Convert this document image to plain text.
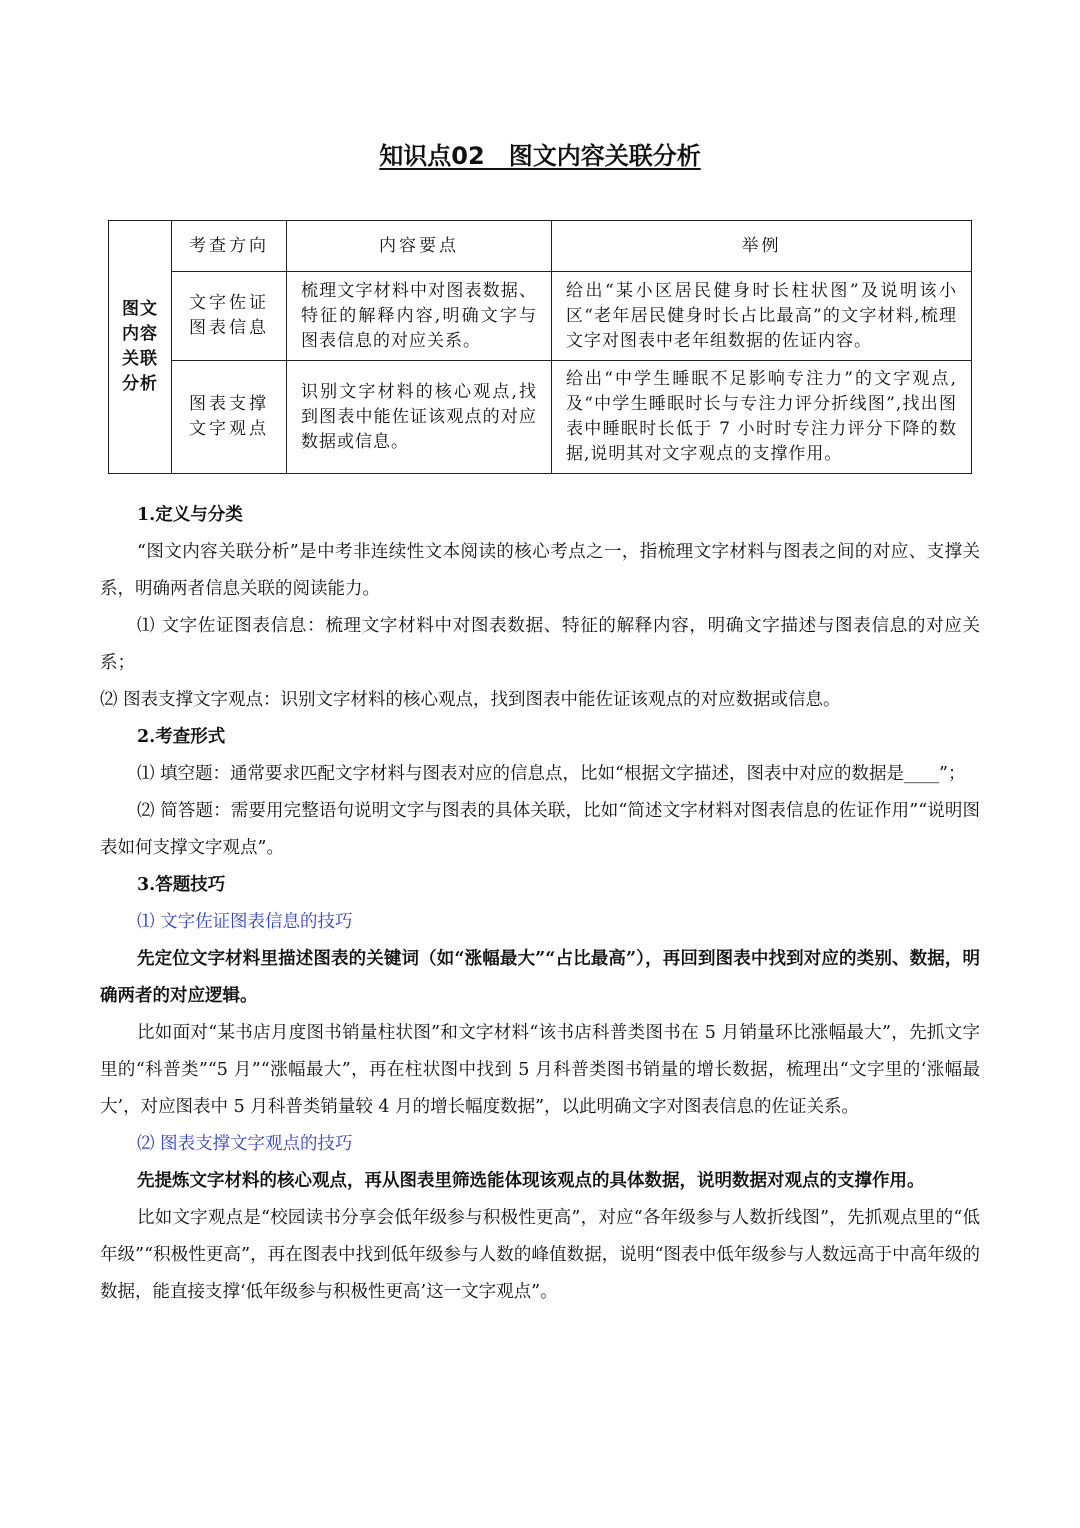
知识点02　图文内容关联分析
图文内容关联分析	考查方向	内容要点	举例
	文字佐证图表信息	梳理文字材料中对图表数据、特征的解释内容,明确文字与图表信息的对应关系。	给出“某小区居民健身时长柱状图”及说明该小区“老年居民健身时长占比最高”的文字材料,梳理文字对图表中老年组数据的佐证内容。
	图表支撑文字观点	识别文字材料的核心观点,找到图表中能佐证该观点的对应数据或信息。	给出“中学生睡眠不足影响专注力”的文字观点,及“中学生睡眠时长与专注力评分折线图”,找出图表中睡眠时长低于 7 小时时专注力评分下降的数据,说明其对文字观点的支撑作用。

1.定义与分类

“图文内容关联分析”是中考非连续性文本阅读的核心考点之一，指梳理文字材料与图表之间的对应、支撑关系，明确两者信息关联的阅读能力。

⑴ 文字佐证图表信息：梳理文字材料中对图表数据、特征的解释内容，明确文字描述与图表信息的对应关系；

⑵ 图表支撑文字观点：识别文字材料的核心观点，找到图表中能佐证该观点的对应数据或信息。

2.考查形式

⑴ 填空题：通常要求匹配文字材料与图表对应的信息点，比如“根据文字描述，图表中对应的数据是____”；

⑵ 简答题：需要用完整语句说明文字与图表的具体关联，比如“简述文字材料对图表信息的佐证作用”“说明图表如何支撑文字观点”。

3.答题技巧

⑴ 文字佐证图表信息的技巧

先定位文字材料里描述图表的关键词（如“涨幅最大”“占比最高”），再回到图表中找到对应的类别、数据，明确两者的对应逻辑。

比如面对“某书店月度图书销量柱状图”和文字材料“该书店科普类图书在 5 月销量环比涨幅最大”，先抓文字里的“科普类”“5 月”“涨幅最大”，再在柱状图中找到 5 月科普类图书销量的增长数据，梳理出“文字里的‘涨幅最大’，对应图表中 5 月科普类销量较 4 月的增长幅度数据”，以此明确文字对图表信息的佐证关系。

⑵ 图表支撑文字观点的技巧

先提炼文字材料的核心观点，再从图表里筛选能体现该观点的具体数据，说明数据对观点的支撑作用。

比如文字观点是“校园读书分享会低年级参与积极性更高”，对应“各年级参与人数折线图”，先抓观点里的“低年级”“积极性更高”，再在图表中找到低年级参与人数的峰值数据，说明“图表中低年级参与人数远高于中高年级的数据，能直接支撑‘低年级参与积极性更高’这一文字观点”。
